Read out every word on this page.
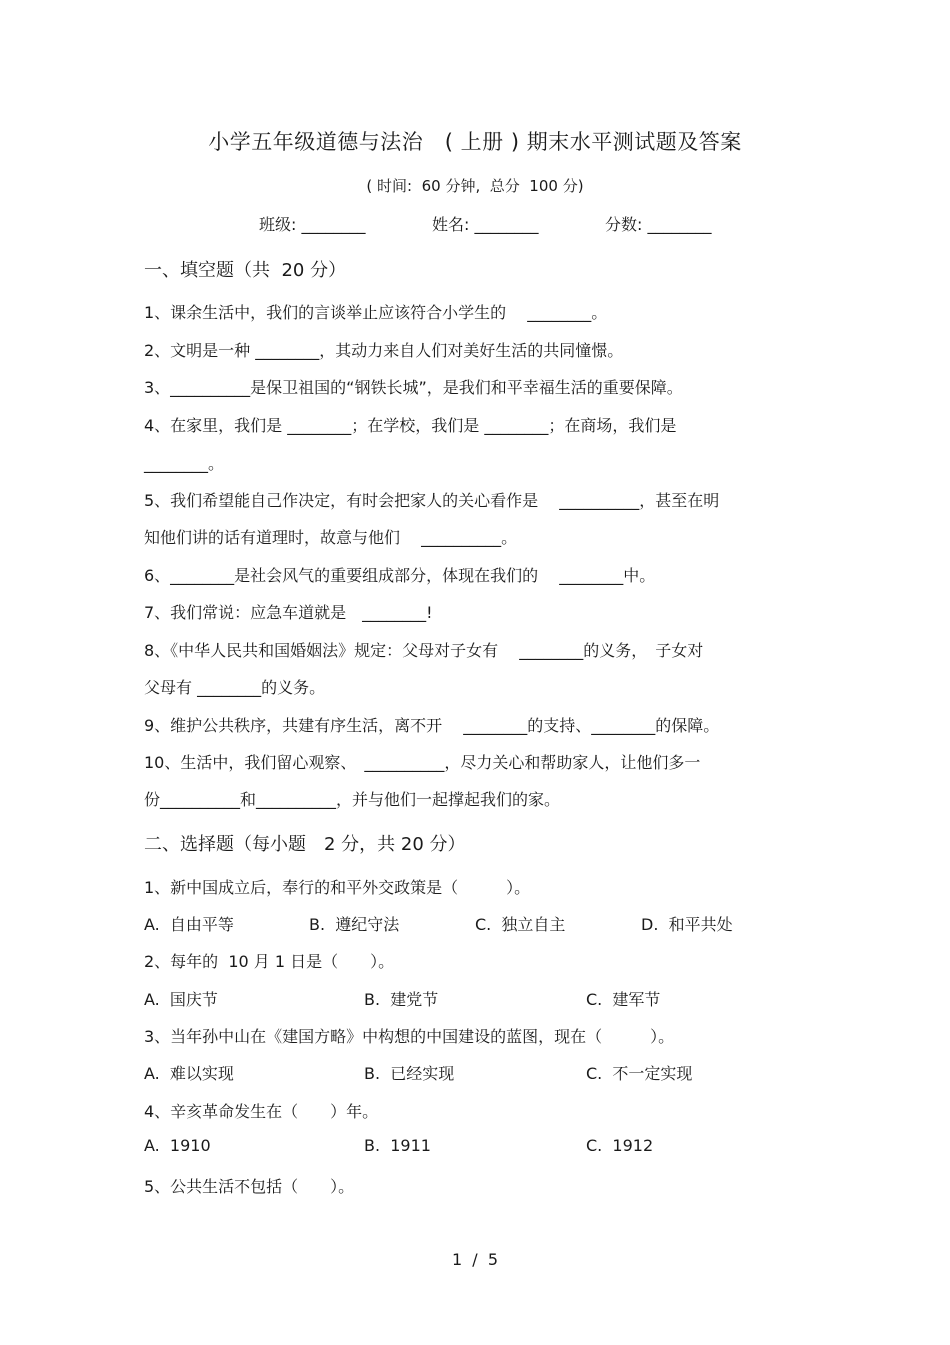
小学五年级道德与法治　( 上册 ) 期末水平测试题及答案
( 时间:  60 分钟,  总分  100 分)
班级: ________	姓名: ________	分数: ________
一、填空题（共  20 分）
1、课余生活中，我们的言谈举止应该符合小学生的　 ________。
2、文明是一种 ________，其动力来自人们对美好生活的共同憧憬。
3、__________是保卫祖国的“钢铁长城”，是我们和平幸福生活的重要保障。
4、在家里，我们是 ________；在学校，我们是 ________；在商场，我们是
________。
5、我们希望能自己作决定，有时会把家人的关心看作是　 __________，甚至在明
知他们讲的话有道理时，故意与他们　 __________。
6、________是社会风气的重要组成部分，体现在我们的　 ________中。
7、我们常说：应急车道就是　________!
8、《中华人民共和国婚姻法》规定：父母对子女有　 ________的义务，　子女对
父母有 ________的义务。
9、维护公共秩序，共建有序生活，离不开　 ________的支持、________的保障。
10、生活中，我们留心观察、　__________，尽力关心和帮助家人，让他们多一
份__________和__________，并与他们一起撑起我们的家。
二、选择题（每小题　2 分，共 20 分）
1、新中国成立后，奉行的和平外交政策是（　　　）。
A.  自由平等	B.  遵纪守法	C.  独立自主	D.  和平共处
2、每年的  10 月 1 日是（　　）。
A.  国庆节	B.  建党节	C.  建军节
3、当年孙中山在《建国方略》中构想的中国建设的蓝图，现在（　　　）。
A.  难以实现	B.  已经实现	C.  不一定实现
4、辛亥革命发生在（　　）年。
A.  1910	B.  1911	C.  1912
5、公共生活不包括（　　）。
1  /  5
